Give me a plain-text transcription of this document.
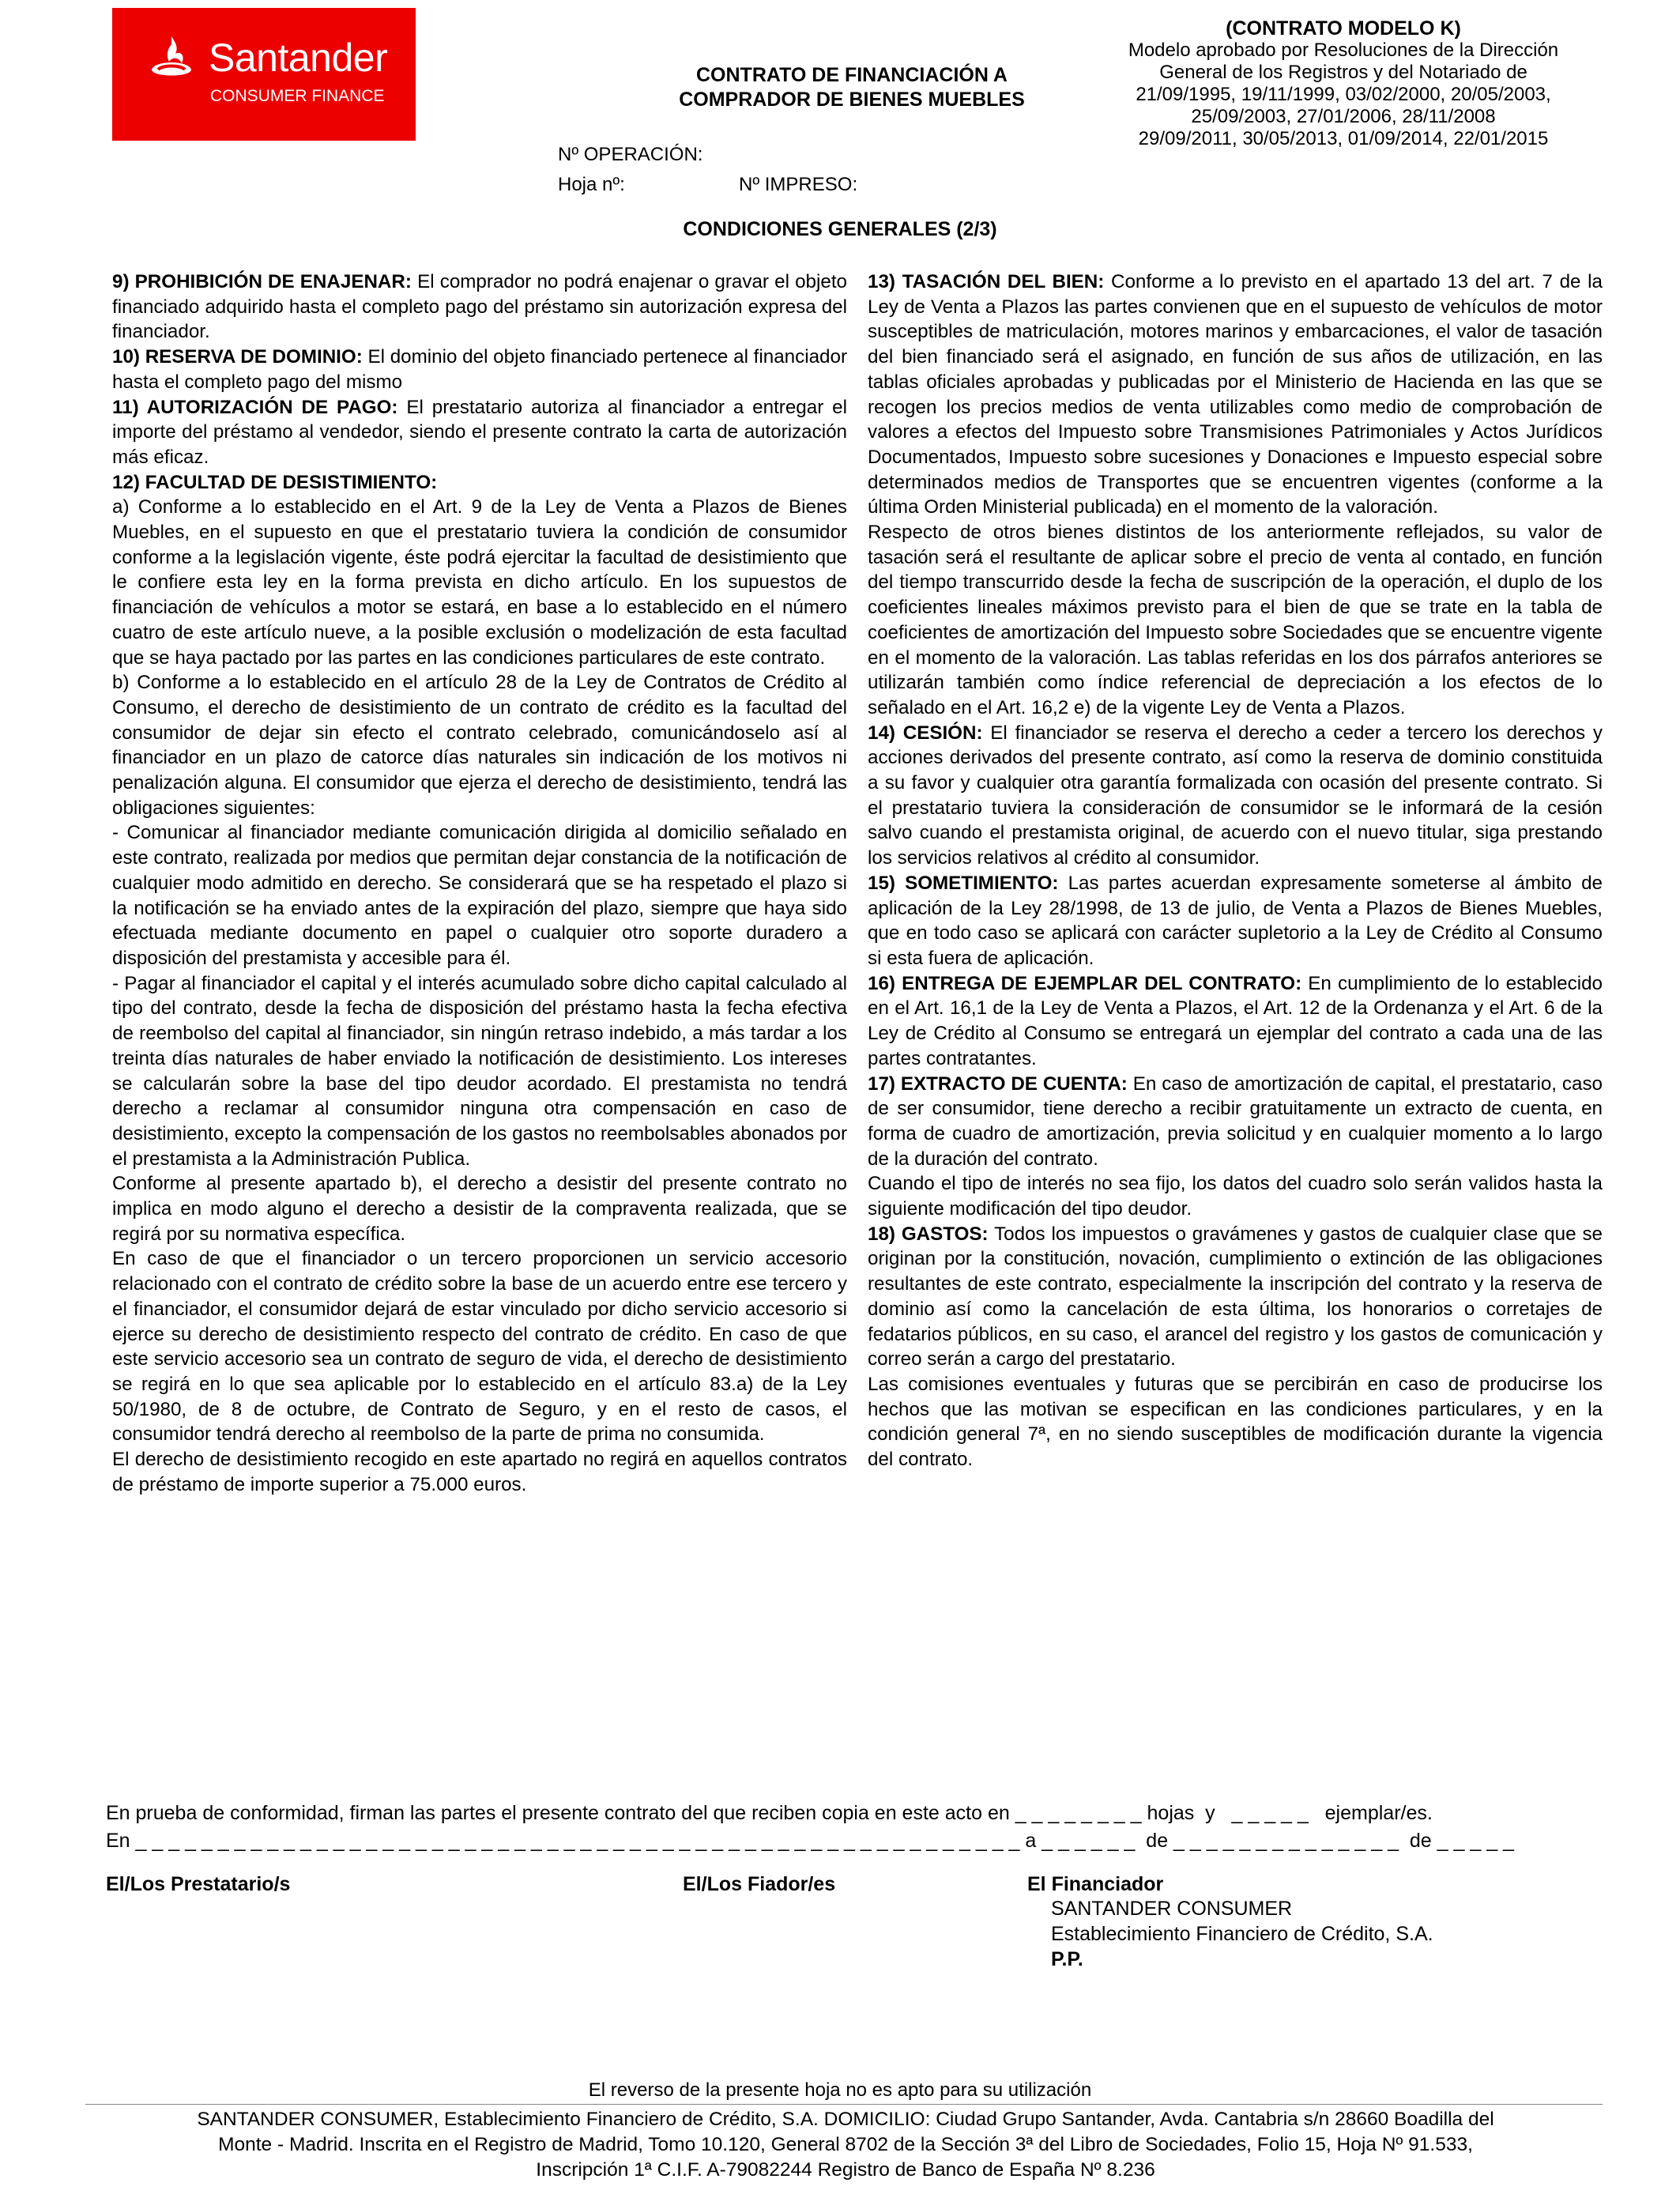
Santander
CONSUMER FINANCE
CONTRATO DE FINANCIACIÓN A
COMPRADOR DE BIENES MUEBLES
(CONTRATO MODELO K)
Modelo aprobado por Resoluciones de la Dirección
General de los Registros y del Notariado de
21/09/1995, 19/11/1999, 03/02/2000, 20/05/2003,
25/09/2003, 27/01/2006, 28/11/2008
29/09/2011, 30/05/2013, 01/09/2014, 22/01/2015
Nº OPERACIÓN:
Hoja nº:	Nº IMPRESO:
CONDICIONES GENERALES (2/3)

9) PROHIBICIÓN DE ENAJENAR: El comprador no podrá enajenar o gravar el objeto financiado adquirido hasta el completo pago del préstamo sin autorización expresa del financiador.

10) RESERVA DE DOMINIO: El dominio del objeto financiado pertenece al financiador hasta el completo pago del mismo

11) AUTORIZACIÓN DE PAGO: El prestatario autoriza al financiador a entregar el importe del préstamo al vendedor, siendo el presente contrato la carta de autorización más eficaz.

12) FACULTAD DE DESISTIMIENTO:

a) Conforme a lo establecido en el Art. 9 de la Ley de Venta a Plazos de Bienes Muebles, en el supuesto en que el prestatario tuviera la condición de consumidor conforme a la legislación vigente, éste podrá ejercitar la facultad de desistimiento que le confiere esta ley en la forma prevista en dicho artículo. En los supuestos de financiación de vehículos a motor se estará, en base a lo establecido en el número cuatro de este artículo nueve, a la posible exclusión o modelización de esta facultad que se haya pactado por las partes en las condiciones particulares de este contrato.

b) Conforme a lo establecido en el artículo 28 de la Ley de Contratos de Crédito al Consumo, el derecho de desistimiento de un contrato de crédito es la facultad del consumidor de dejar sin efecto el contrato celebrado, comunicándoselo así al financiador en un plazo de catorce días naturales sin indicación de los motivos ni penalización alguna. El consumidor que ejerza el derecho de desistimiento, tendrá las obligaciones siguientes:

- Comunicar al financiador mediante comunicación dirigida al domicilio señalado en este contrato, realizada por medios que permitan dejar constancia de la notificación de cualquier modo admitido en derecho. Se considerará que se ha respetado el plazo si la notificación se ha enviado antes de la expiración del plazo, siempre que haya sido efectuada mediante documento en papel o cualquier otro soporte duradero a disposición del prestamista y accesible para él.

- Pagar al financiador el capital y el interés acumulado sobre dicho capital calculado al tipo del contrato, desde la fecha de disposición del préstamo hasta la fecha efectiva de reembolso del capital al financiador, sin ningún retraso indebido, a más tardar a los treinta días naturales de haber enviado la notificación de desistimiento. Los intereses se calcularán sobre la base del tipo deudor acordado. El prestamista no tendrá derecho a reclamar al consumidor ninguna otra compensación en caso de desistimiento, excepto la compensación de los gastos no reembolsables abonados por el prestamista a la Administración Publica.

Conforme al presente apartado b), el derecho a desistir del presente contrato no implica en modo alguno el derecho a desistir de la compraventa realizada, que se regirá por su normativa específica.

En caso de que el financiador o un tercero proporcionen un servicio accesorio relacionado con el contrato de crédito sobre la base de un acuerdo entre ese tercero y el financiador, el consumidor dejará de estar vinculado por dicho servicio accesorio si ejerce su derecho de desistimiento respecto del contrato de crédito. En caso de que este servicio accesorio sea un contrato de seguro de vida, el derecho de desistimiento se regirá en lo que sea aplicable por lo establecido en el artículo 83.a) de la Ley 50/1980, de 8 de octubre, de Contrato de Seguro, y en el resto de casos, el consumidor tendrá derecho al reembolso de la parte de prima no consumida.

El derecho de desistimiento recogido en este apartado no regirá en aquellos contratos de préstamo de importe superior a 75.000 euros.

13) TASACIÓN DEL BIEN: Conforme a lo previsto en el apartado 13 del art. 7 de la Ley de Venta a Plazos las partes convienen que en el supuesto de vehículos de motor susceptibles de matriculación, motores marinos y embarcaciones, el valor de tasación del bien financiado será el asignado, en función de sus años de utilización, en las tablas oficiales aprobadas y publicadas por el Ministerio de Hacienda en las que se recogen los precios medios de venta utilizables como medio de comprobación de valores a efectos del Impuesto sobre Transmisiones Patrimoniales y Actos Jurídicos Documentados, Impuesto sobre sucesiones y Donaciones e Impuesto especial sobre determinados medios de Transportes que se encuentren vigentes (conforme a la última Orden Ministerial publicada) en el momento de la valoración.

Respecto de otros bienes distintos de los anteriormente reflejados, su valor de tasación será el resultante de aplicar sobre el precio de venta al contado, en función del tiempo transcurrido desde la fecha de suscripción de la operación, el duplo de los coeficientes lineales máximos previsto para el bien de que se trate en la tabla de coeficientes de amortización del Impuesto sobre Sociedades que se encuentre vigente en el momento de la valoración. Las tablas referidas en los dos párrafos anteriores se utilizarán también como índice referencial de depreciación a los efectos de lo señalado en el Art. 16,2 e) de la vigente Ley de Venta a Plazos.

14) CESIÓN: El financiador se reserva el derecho a ceder a tercero los derechos y acciones derivados del presente contrato, así como la reserva de dominio constituida a su favor y cualquier otra garantía formalizada con ocasión del presente contrato. Si el prestatario tuviera la consideración de consumidor se le informará de la cesión salvo cuando el prestamista original, de acuerdo con el nuevo titular, siga prestando los servicios relativos al crédito al consumidor.

15) SOMETIMIENTO: Las partes acuerdan expresamente someterse al ámbito de aplicación de la Ley 28/1998, de 13 de julio, de Venta a Plazos de Bienes Muebles, que en todo caso se aplicará con carácter supletorio a la Ley de Crédito al Consumo si esta fuera de aplicación.

16) ENTREGA DE EJEMPLAR DEL CONTRATO: En cumplimiento de lo establecido en el Art. 16,1 de la Ley de Venta a Plazos, el Art. 12 de la Ordenanza y el Art. 6 de la Ley de Crédito al Consumo se entregará un ejemplar del contrato a cada una de las partes contratantes.

17) EXTRACTO DE CUENTA: En caso de amortización de capital, el prestatario, caso de ser consumidor, tiene derecho a recibir gratuitamente un extracto de cuenta, en forma de cuadro de amortización, previa solicitud y en cualquier momento a lo largo de la duración del contrato.

Cuando el tipo de interés no sea fijo, los datos del cuadro solo serán validos hasta la siguiente modificación del tipo deudor.

18) GASTOS: Todos los impuestos o gravámenes y gastos de cualquier clase que se originan por la constitución, novación, cumplimiento o extinción de las obligaciones resultantes de este contrato, especialmente la inscripción del contrato y la reserva de dominio así como la cancelación de esta última, los honorarios o corretajes de fedatarios públicos, en su caso, el arancel del registro y los gastos de comunicación y correo serán a cargo del prestatario.

Las comisiones eventuales y futuras que se percibirán en caso de producirse los hechos que las motivan se especifican en las condiciones particulares, y en la condición general 7ª, en no siendo susceptibles de modificación durante la vigencia del contrato.

En prueba de conformidad, firman las partes el presente contrato del que reciben copia en este acto en _ _ _ _ _ _ _ _ hojas  y   _ _ _ _ _   ejemplar/es.
En _ _ _ _ _ _ _ _ _ _ _ _ _ _ _ _ _ _ _ _ _ _ _ _ _ _ _ _ _ _ _ _ _ _ _ _ _ _ _ _ _ _ _ _ _ _ _ _ _ _ _ _ _ _ a _ _ _ _ _ _  de _ _ _ _ _ _ _ _ _ _ _ _ _ _  de _ _ _ _ _
El/Los Prestatario/s	El/Los Fiador/es	El Financiador
SANTANDER CONSUMER
Establecimiento Financiero de Crédito, S.A.
P.P.
El reverso de la presente hoja no es apto para su utilización
SANTANDER CONSUMER, Establecimiento Financiero de Crédito, S.A. DOMICILIO: Ciudad Grupo Santander, Avda. Cantabria s/n 28660 Boadilla del
Monte - Madrid. Inscrita en el Registro de Madrid, Tomo 10.120, General 8702 de la Sección 3ª del Libro de Sociedades, Folio 15, Hoja Nº 91.533,
Inscripción 1ª C.I.F. A-79082244 Registro de Banco de España Nº 8.236
